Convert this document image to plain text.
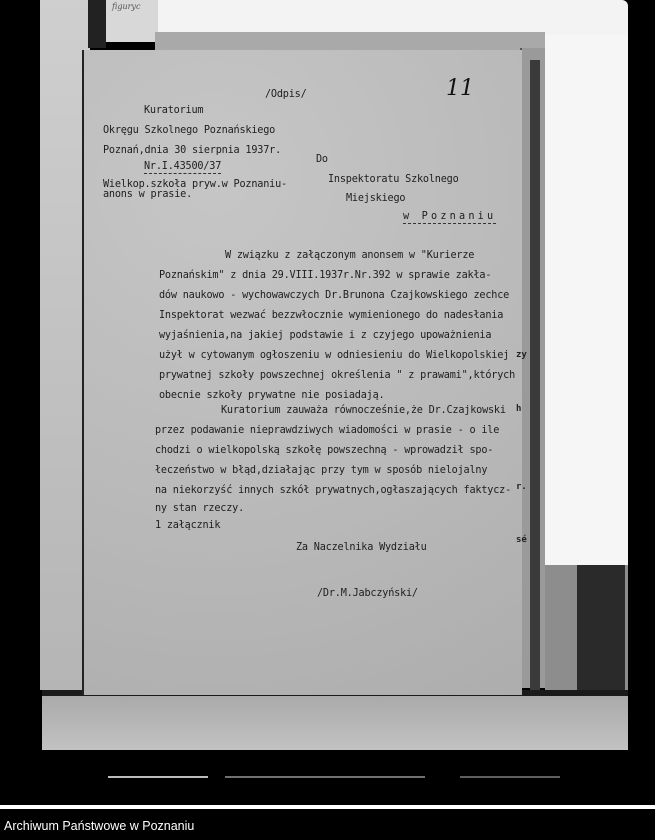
figuryc
11
/Odpis/
Kuratorium
Okręgu Szkolnego Poznańskiego
Poznań,dnia 30 sierpnia 1937r.
Nr.I.43500/37
Wielkop.szkoła pryw.w Poznaniu-
anons w prasie.
Do
Inspektoratu Szkolnego
Miejskiego
w Poznaniu
W związku z załączonym anonsem w "Kurierze
Poznańskim" z dnia 29.VIII.1937r.Nr.392 w sprawie zakła-
dów naukowo - wychowawczych Dr.Brunona Czajkowskiego zechce
Inspektorat wezwać bezzwłocznie wymienionego do nadesłania
wyjaśnienia,na jakiej podstawie i z czyjego upoważnienia
użył w cytowanym ogłoszeniu w odniesieniu do Wielkopolskiej
prywatnej szkoły powszechnej określenia " z prawami",których
obecnie szkoły prywatne nie posiadają.
Kuratorium zauważa równocześnie,że Dr.Czajkowski
przez podawanie nieprawdziwych wiadomości w prasie - o ile
chodzi o wielkopolską szkołę powszechną - wprowadził spo-
łeczeństwo w błąd,działając przy tym w sposób nielojalny
na niekorzyść innych szkół prywatnych,ogłaszających faktycz-
ny stan rzeczy.
1 załącznik
Za Naczelnika Wydziału
/Dr.M.Jabczyński/
zy
h
r.
sé
Archiwum Państwowe w Poznaniu
